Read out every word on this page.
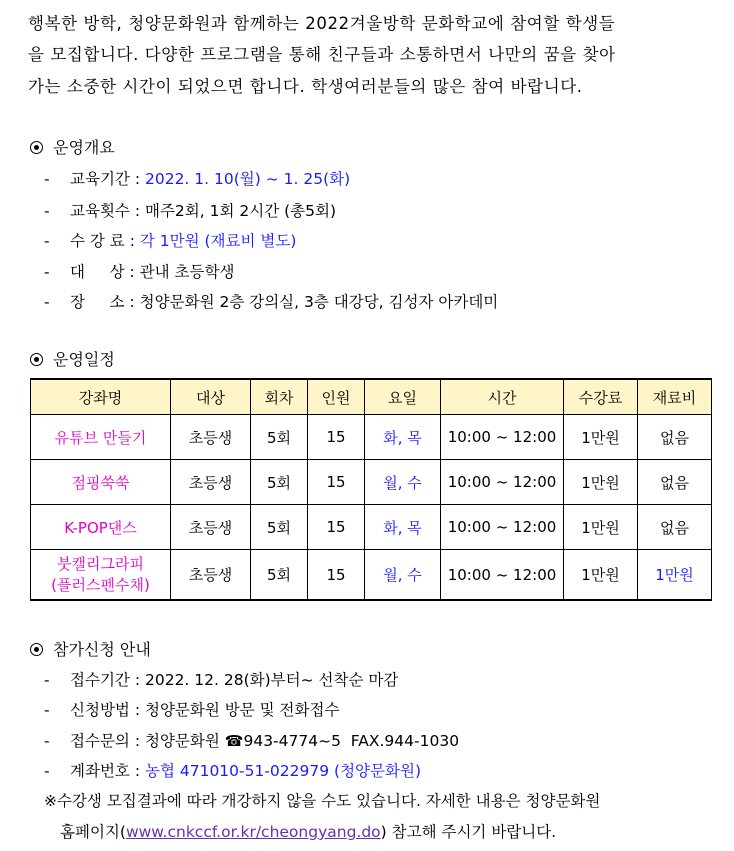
행복한 방학, 청양문화원과 함께하는 2022겨울방학 문화학교에 참여할 학생들

을 모집합니다. 다양한 프로그램을 통해 친구들과 소통하면서 나만의 꿈을 찾아

가는 소중한 시간이 되었으면 합니다. 학생여러분들의 많은 참여 바랍니다.

운영개요
- 교육기간 : 2022. 1. 10(월) ~ 1. 25(화)
- 교육횟수 : 매주2회, 1회 2시간 (총5회)
- 수 강 료 : 각 1만원 (재료비 별도)
- 대     상 : 관내 초등학생
- 장     소 : 청양문화원 2층 강의실, 3층 대강당, 김성자 아카데미
운영일정
강좌명	대상	회차	인원	요일	시간	수강료	재료비
유튜브 만들기	초등생	5회	15	화, 목	10:00 ~ 12:00	1만원	없음
점핑쑥쑥	초등생	5회	15	월, 수	10:00 ~ 12:00	1만원	없음
K-POP댄스	초등생	5회	15	화, 목	10:00 ~ 12:00	1만원	없음
붓캘리그라피
(플러스펜수채)	초등생	5회	15	월, 수	10:00 ~ 12:00	1만원	1만원
참가신청 안내
- 접수기간 : 2022. 12. 28(화)부터~ 선착순 마감
- 신청방법 : 청양문화원 방문 및 전화접수
- 접수문의 : 청양문화원 ☎943-4774~5  FAX.944-1030
- 계좌번호 : 농협 471010-51-022979 (청양문화원)
※수강생 모집결과에 따라 개강하지 않을 수도 있습니다. 자세한 내용은 청양문화원
홈페이지(www.cnkccf.or.kr/cheongyang.do) 참고해 주시기 바랍니다.
